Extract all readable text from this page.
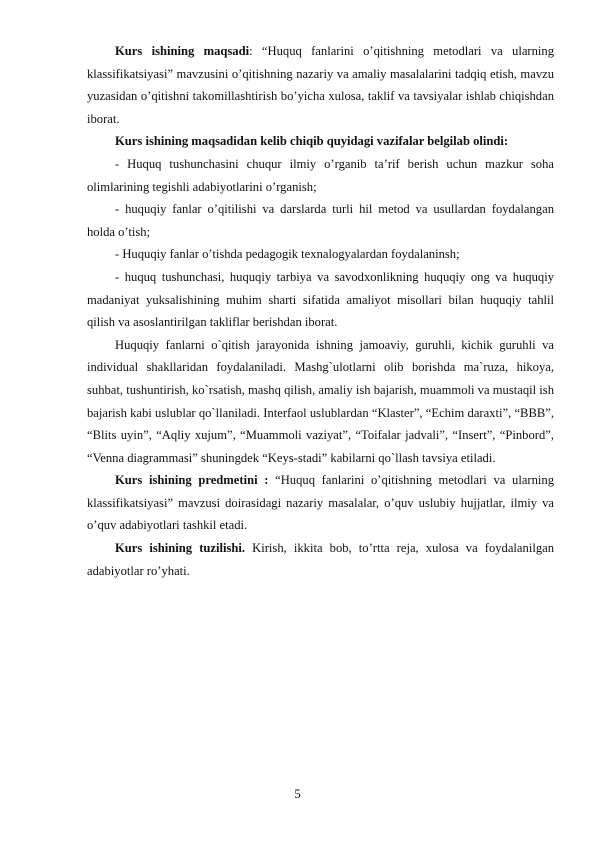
Kurs ishining maqsadi: “Huquq fanlarini o’qitishning metodlari va ularning klassifikatsiyasi” mavzusini o’qitishning nazariy va amaliy masalalarini tadqiq etish, mavzu yuzasidan o’qitishni takomillashtirish bo’yicha xulosa, taklif va tavsiyalar ishlab chiqishdan iborat.

Kurs ishining maqsadidan kelib chiqib quyidagi vazifalar belgilab olindi:

- Huquq tushunchasini chuqur ilmiy o’rganib ta’rif berish uchun mazkur soha olimlarining tegishli adabiyotlarini o’rganish;

- huquqiy fanlar o’qitilishi va darslarda turli hil metod va usullardan foydalangan holda o’tish;

- Huquqiy fanlar o’tishda pedagogik texnalogyalardan foydalaninsh;

- huquq tushunchasi, huquqiy tarbiya va savodxonlikning huquqiy ong va huquqiy madaniyat yuksalishining muhim sharti sifatida amaliyot misollari bilan huquqiy tahlil qilish va asoslantirilgan takliflar berishdan iborat.

Huquqiy fanlarni o`qitish jarayonida ishning jamoaviy, guruhli, kichik guruhli va individual shakllaridan foydalaniladi. Mashg`ulotlarni olib borishda ma`ruza, hikoya, suhbat, tushuntirish, ko`rsatish, mashq qilish, amaliy ish bajarish, muammoli va mustaqil ish bajarish kabi uslublar qo`llaniladi. Interfaol uslublardan “Klaster”, “Echim daraxti”, “BBB”, “Blits uyin”, “Aqliy xujum”, “Muammoli vaziyat”, “Toifalar jadvali”, “Insert”, “Pinbord”, “Venna diagrammasi” shuningdek “Keys-stadi” kabilarni qo`llash tavsiya etiladi.

Kurs ishining predmetini : “Huquq fanlarini o’qitishning metodlari va ularning klassifikatsiyasi” mavzusi doirasidagi nazariy masalalar, o’quv uslubiy hujjatlar, ilmiy va o’quv adabiyotlari tashkil etadi.

Kurs ishining tuzilishi. Kirish, ikkita bob, to’rtta reja, xulosa va foydalanilgan adabiyotlar ro’yhati.

5
